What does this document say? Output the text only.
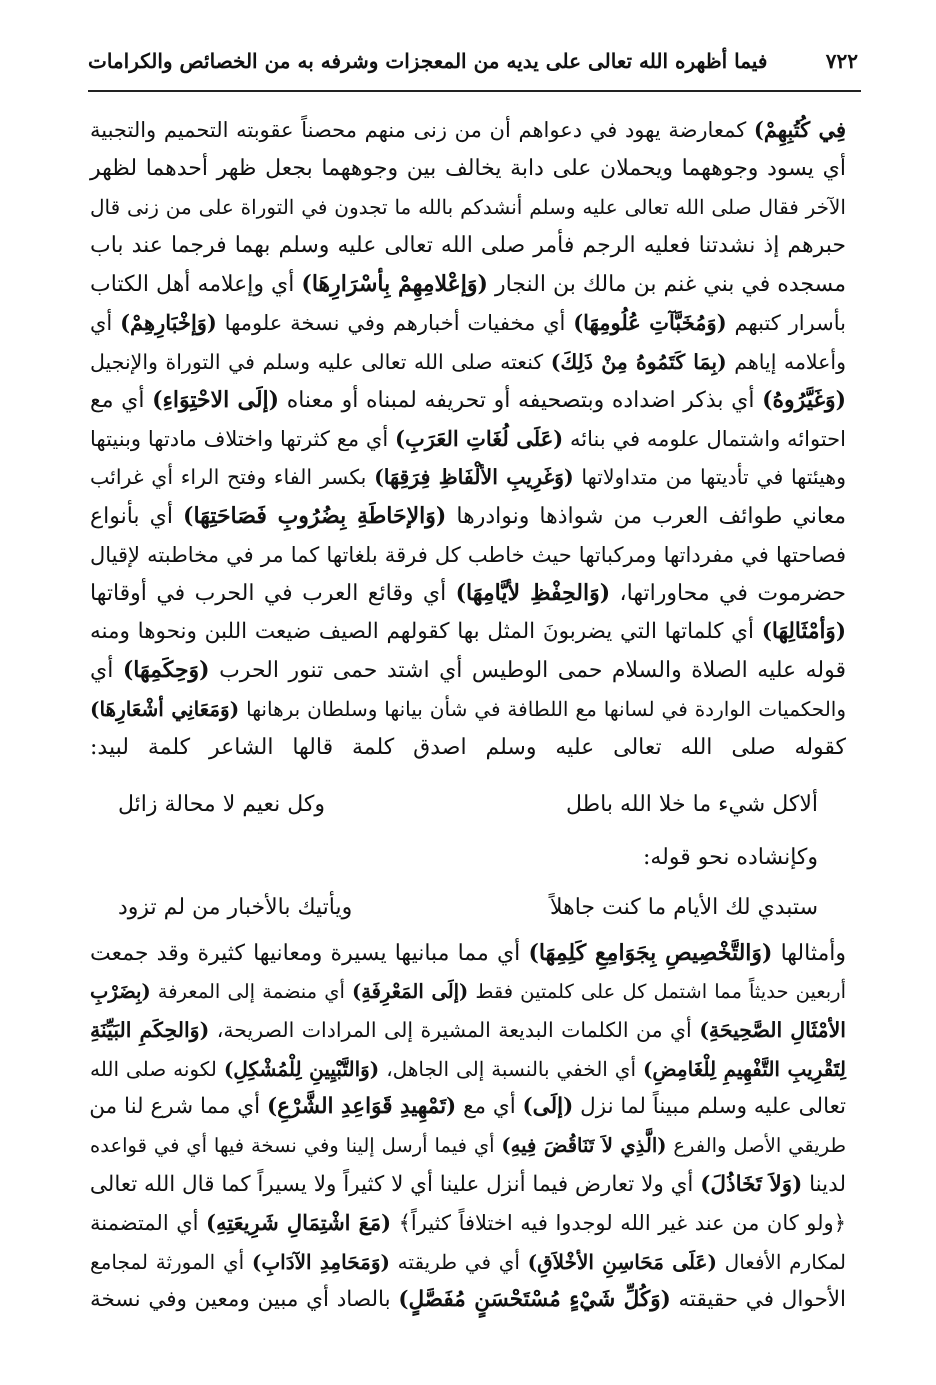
٧٢٢
فيما أظهره الله تعالى على يديه من المعجزات وشرفه به من الخصائص والكرامات
فِي كُتُبِهِمْ) كمعارضة يهود في دعواهم أن من زنى منهم محصناً عقوبته التحميم والتجبية
أي يسود وجوههما ويحملان على دابة يخالف بين وجوههما بجعل ظهر أحدهما لظهر
الآخر فقال صلى الله تعالى عليه وسلم أنشدكم بالله ما تجدون في التوراة على من زنى قال
حبرهم إذ نشدتنا فعليه الرجم فأمر صلى الله تعالى عليه وسلم بهما فرجما عند باب
مسجده في بني غنم بن مالك بن النجار (وَإعْلامِهِمْ بِأسْرَارِهَا) أي وإعلامه أهل الكتاب
بأسرار كتبهم (وَمُخَبَّآتِ عُلُومِهَا) أي مخفيات أخبارهم وفي نسخة علومها (وَإخْبَارِهِمْ) أي
وأعلامه إياهم (بِمَا كَتَمُوهُ مِنْ ذَلِكَ) كنعته صلى الله تعالى عليه وسلم في التوراة والإنجيل
(وَغَيَّرُوهُ) أي بذكر اضداده وبتصحيفه أو تحريفه لمبناه أو معناه (إلَى الاحْتِوَاءِ) أي مع
احتوائه واشتمال علومه في بنائه (عَلَى لُغَاتِ العَرَبِ) أي مع كثرتها واختلاف مادتها وبنيتها
وهيئتها في تأديتها من متداولاتها (وَغَرِيبِ الألْفَاظِ فِرَقِهَا) بكسر الفاء وفتح الراء أي غرائب
معاني طوائف العرب من شواذها ونوادرها (وَالإحَاطَةِ بِضُرُوبِ فَصَاحَتِهَا) أي بأنواع
فصاحتها في مفرداتها ومركباتها حيث خاطب كل فرقة بلغاتها كما مر في مخاطبته لإقيال
حضرموت في محاوراتها، (وَالحِفْظِ لأيَّامِهَا) أي وقائع العرب في الحرب في أوقاتها
(وَأمْثَالِهَا) أي كلماتها التي يضربونَ المثل بها كقولهم الصيف ضيعت اللبن ونحوها ومنه
قوله عليه الصلاة والسلام حمى الوطيس أي اشتد حمى تنور الحرب (وَحِكَمِهَا) أي
والحكميات الواردة في لسانها مع اللطافة في شأن بيانها وسلطان برهانها (وَمَعَانِي أشْعَارِهَا)
كقوله صلى الله تعالى عليه وسلم اصدق كلمة قالها الشاعر كلمة لبيد:
ألاكل شيء ما خلا الله باطل
وكل نعيم لا محالة زائل
وكإنشاده نحو قوله:
ستبدي لك الأيام ما كنت جاهلاً
ويأتيك بالأخبار من لم تزود
وأمثالها (وَالتَّخْصِيصِ بِجَوَامِعِ كَلِمِهَا) أي مما مبانيها يسيرة ومعانيها كثيرة وقد جمعت
أربعين حديثاً مما اشتمل كل على كلمتين فقط (إلَى المَعْرِفَةِ) أي منضمة إلى المعرفة (بِضَرْبِ
الأمْثَالِ الصَّحِيحَةِ) أي من الكلمات البديعة المشيرة إلى المرادات الصريحة، (وَالحِكَمِ البَيِّنَةِ
لِتَقْرِيبِ التَّفْهِيمِ لِلْغَامِضِ) أي الخفي بالنسبة إلى الجاهل، (وَالتَّبْيِينِ لِلْمُشْكِلِ) لكونه صلى الله
تعالى عليه وسلم مبيناً لما نزل (إلَى) أي مع (تَمْهِيدِ قَوَاعِدِ الشَّرْعِ) أي مما شرع لنا من
طريقي الأصل والفرع (الَّذِي لاَ تَنَاقُضَ فِيهِ) أي فيما أرسل إلينا وفي نسخة فيها أي في قواعده
لدينا (وَلاَ تَخَاذُلَ) أي ولا تعارض فيما أنزل علينا أي لا كثيراً ولا يسيراً كما قال الله تعالى
﴿ولو كان من عند غير الله لوجدوا فيه اختلافاً كثيراً﴾ (مَعَ اشْتِمَالِ شَرِيعَتِهِ) أي المتضمنة
لمكارم الأفعال (عَلَى مَحَاسِنِ الأخْلاَقِ) أي في طريقته (وَمَحَامِدِ الآدَابِ) أي المورثة لمجامع
الأحوال في حقيقته (وَكُلِّ شَيْءٍ مُسْتَحْسَنٍ مُفَصَّلٍ) بالصاد أي مبين ومعين وفي نسخة
